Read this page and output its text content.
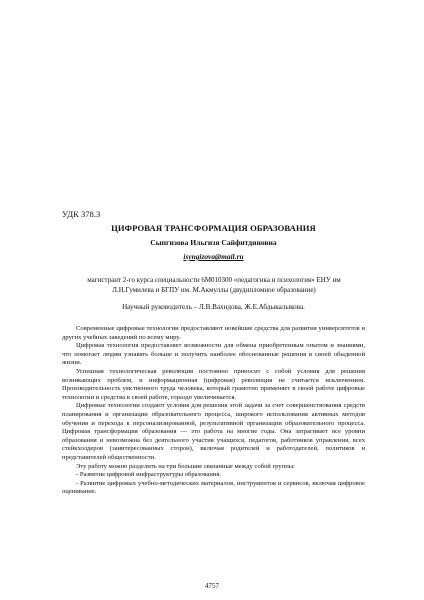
УДК 378.3
ЦИФРОВАЯ ТРАНСФОРМАЦИЯ ОБРАЗОВАНИЯ
Сыпгизова Ильгизя Сайфитдиновна
isyngizova@mail.ru
магистрант 2-го курса специальности 6М010300 «педагогика и психология» ЕНУ им Л.Н.Гумилева и БГПУ им. М.Акмуллы (двудипломное образование)
Научный руководитель – Л.В.Вахидова, Ж.Е.Абдыкалыкова.

Современные цифровые технологии предоставляют новейшие средства для развития университетов и других учебных заведений по всему миру.

Цифровая технология предоставляет возможности для обмена приобретенным опытом и знаниями, что помогает людям узнавать больше и получить наиболее обоснованные решения в своей обыденной жизни.

Успешная технологическая революция постоянно приносит с собой условия для решения возникающих проблем, и информационная (цифровая) революция не считается исключением. Производительность умственного труда человека, который грамотно применяет в своей работе цифровые технологии и средства в своей работе, гораздо увеличивается.

Цифровые технологии создают условия для решения этой задачи за счет совершенствования средств планирования и организации образовательного процесса, широкого использования активных методов обучения и перехода к персонализированной, результативной организации образовательного процесса. Цифровая трансформация образования — это работа на многие годы. Она затрагивает все уровни образования и невозможна без деятельного участия учащихся, педагогов, работников управления, всех стейкхолдеров (заинтересованных сторон), включая родителей и работодателей, политиков и представителей общественности.

Эту работу можно разделить на три большие связанные между собой группы:

- Развитие цифровой инфраструктуры образования.

- Развитие цифровых учебно-методических материалов, инструментов и сервисов, включая цифровое оценивание.

4757
